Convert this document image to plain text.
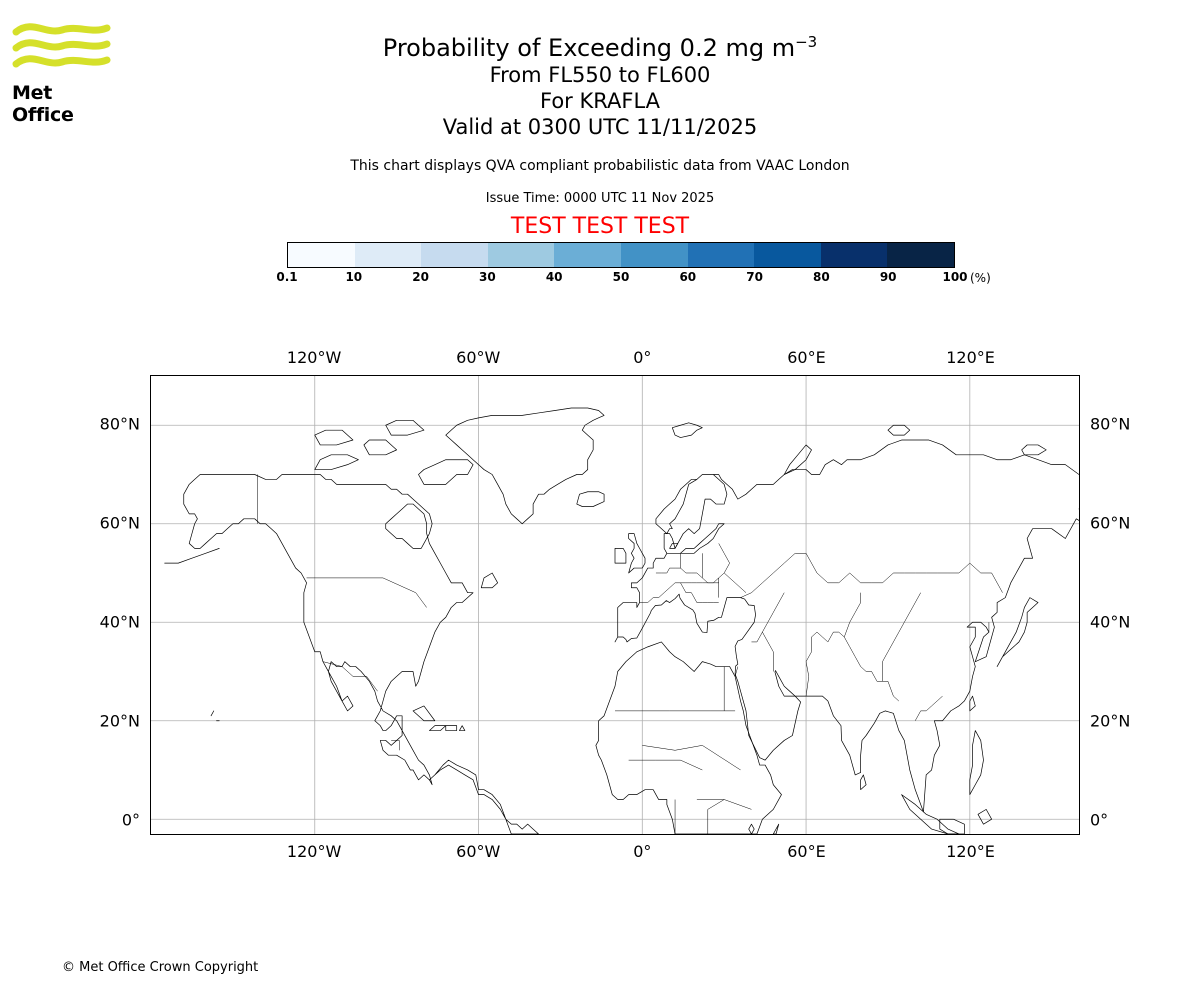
Met Office
Probability of Exceeding 0.2 mg $m^{-3}$
From FL550 to FL600
For KRAFLA
Valid at 0300 UTC 11/11/2025
This chart displays QVA compliant probabilistic data from VAAC London
Issue Time: 0000 UTC 11 Nov 2025
TEST TEST TEST
0.1	10	20	30	40	50	60	70	80	90	100 (%)
120°W
120°W
60°W
60°W
0°
0°
60°E
60°E
120°E
120°E
0°	0°
20°N	20°N
40°N	40°N
60°N	60°N
80°N	80°N
© Met Office Crown Copyright
